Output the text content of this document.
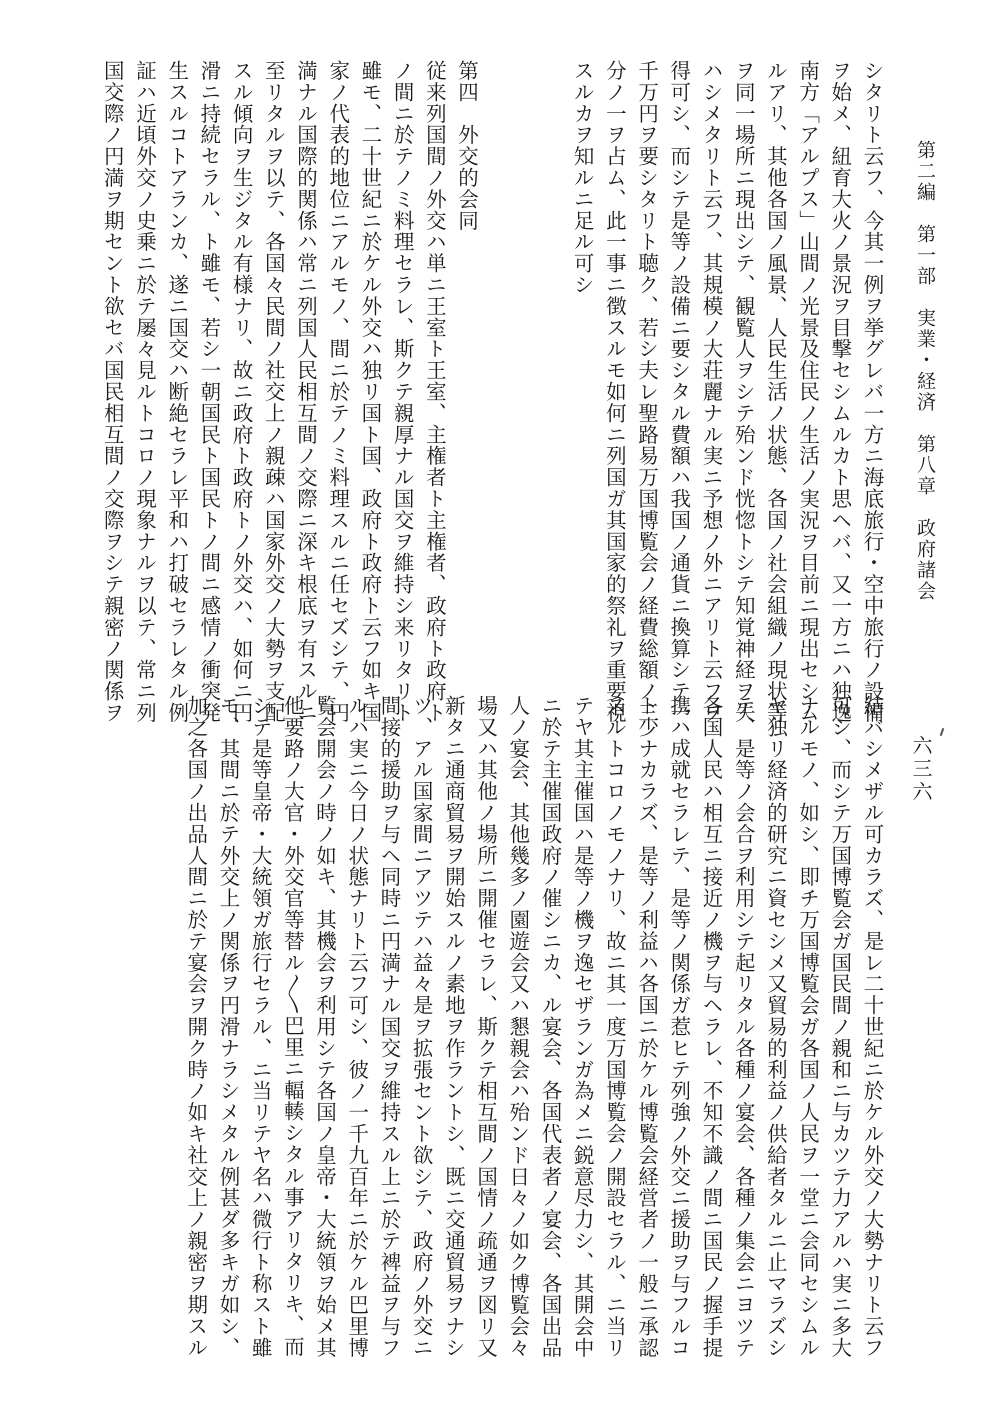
第二編　第一部　実業・経済　第八章　政府諸会
六三六
シタリト云フ、今其一例ヲ挙グレバ一方ニ海底旅行・空中旅行ノ設備
ヲ始メ、紐育大火ノ景況ヲ目撃セシムルカト思ヘバ、又一方ニハ独逸
南方「アルプス」山間ノ光景及住民ノ生活ノ実況ヲ目前ニ現出セシム
ルアリ、其他各国ノ風景、人民生活ノ状態、各国ノ社会組織ノ現状等
ヲ同一場所ニ現出シテ、観覧人ヲシテ殆ンド恍惚トシテ知覚神経ヲ失
ハシメタリト云フ、其規模ノ大荘麗ナル実ニ予想ノ外ニアリト云フヲ
得可シ、而シテ是等ノ設備ニ要シタル費額ハ我国ノ通貨ニ換算シテ一
千万円ヲ要シタリト聴ク、若シ夫レ聖路易万国博覧会ノ経費総額ノ三
分ノ一ヲ占ム、此一事ニ徴スルモ如何ニ列国ガ其国家的祭礼ヲ重要視
スルカヲ知ルニ足ル可シ

第四　外交的会同
従来列国間ノ外交ハ単ニ王室ト王室、主権者ト主権者、政府ト政府ト
ノ間ニ於テノミ料理セラレ、斯クテ親厚ナル国交ヲ維持シ来リタリト
雖モ、二十世紀ニ於ケル外交ハ独リ国ト国、政府ト政府ト云フ如キ国
家ノ代表的地位ニアルモノ、間ニ於テノミ料理スルニ任セズシテ、円
満ナル国際的関係ハ常ニ列国人民相互間ノ交際ニ深キ根底ヲ有スルニ
至リタルヲ以テ、各国々民間ノ社交上ノ親疎ハ国家外交ノ大勢ヲ支配
スル傾向ヲ生ジタル有様ナリ、故ニ政府ト政府トノ外交ハ、如何ニ円
滑ニ持続セラル、ト雖モ、若シ一朝国民ト国民トノ間ニ感情ノ衝突発
生スルコトアランカ、遂ニ国交ハ断絶セラレ平和ハ打破セラレタル例
証ハ近頃外交ノ史乗ニ於テ屡々見ルトコロノ現象ナルヲ以テ、常ニ列
国交際ノ円満ヲ期セント欲セバ国民相互間ノ交際ヲシテ親密ノ関係ヲ
結バシメザル可カラズ、是レ二十世紀ニ於ケル外交ノ大勢ナリト云フ
可シ、而シテ万国博覧会ガ国民間ノ親和ニ与カツテ力アルハ実ニ多大
ナルモノ、如シ、即チ万国博覧会ガ各国ノ人民ヲ一堂ニ会同セシムル
ヤ独リ経済的研究ニ資セシメ又貿易的利益ノ供給者タルニ止マラズシ
テ、是等ノ会合ヲ利用シテ起リタル各種ノ宴会、各種ノ集会ニヨツテ
各国人民ハ相互ニ接近ノ機ヲ与ヘラレ、不知不識ノ間ニ国民ノ握手提
携ハ成就セラレテ、是等ノ関係ガ惹ヒテ列強ノ外交ニ援助ヲ与フルコ
ト少ナカラズ、是等ノ利益ハ各国ニ於ケル博覧会経営者ノ一般ニ承認
スルトコロノモノナリ、故ニ其一度万国博覧会ノ開設セラル、ニ当リ
テヤ其主催国ハ是等ノ機ヲ逸セザランガ為メニ鋭意尽力シ、其開会中
ニ於テ主催国政府ノ催シニカ、ル宴会、各国代表者ノ宴会、各国出品
人ノ宴会、其他幾多ノ園遊会又ハ懇親会ハ殆ンド日々ノ如ク博覧会々
場又ハ其他ノ場所ニ開催セラレ、斯クテ相互間ノ国情ノ疏通ヲ図リ又
新タニ通商貿易ヲ開始スルノ素地ヲ作ラントシ、既ニ交通貿易ヲナシ
ツ、アル国家間ニアツテハ益々是ヲ拡張セント欲シテ、政府ノ外交ニ
間接的援助ヲ与ヘ同時ニ円満ナル国交ヲ維持スル上ニ於テ裨益ヲ与フ
ルハ実ニ今日ノ状態ナリト云フ可シ、彼ノ一千九百年ニ於ケル巴里博
覧会開会ノ時ノ如キ、其機会ヲ利用シテ各国ノ皇帝・大統領ヲ始メ其
他要路ノ大官・外交官等替ル〳〵巴里ニ輻輳シタル事アリタリキ、而
シテ是等皇帝・大統領ガ旅行セラル、ニ当リテヤ名ハ微行ト称スト雖
モ、其間ニ於テ外交上ノ関係ヲ円滑ナラシメタル例甚ダ多キガ如シ、
加之各国ノ出品人間ニ於テ宴会ヲ開ク時ノ如キ社交上ノ親密ヲ期スル
